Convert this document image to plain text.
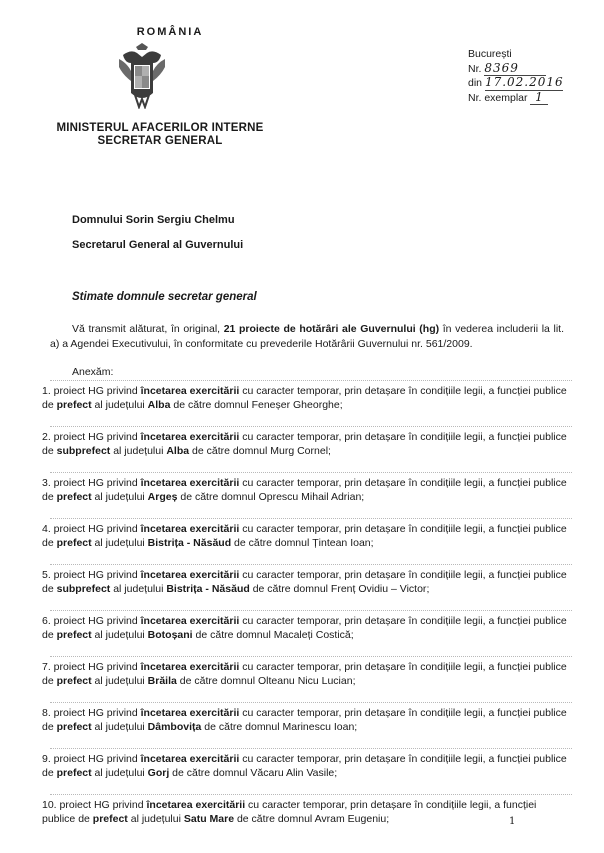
ROMÂNIA
MINISTERUL AFACERILOR INTERNE
SECRETAR GENERAL
București
Nr. 8369
din 17.02.2016
Nr. exemplar 1
Domnului Sorin Sergiu Chelmu
Secretarul General al Guvernului
Stimate domnule secretar general
Vă transmit alăturat, în original, 21 proiecte de hotărâri ale Guvernului (hg) în vederea includerii la lit. a) a Agendei Executivului, în conformitate cu prevederile Hotărârii Guvernului nr. 561/2009.
Anexăm:
1. proiect HG privind încetarea exercitării cu caracter temporar, prin detașare în condițiile legii, a funcției publice de prefect al județului Alba de către domnul Feneșer Gheorghe;
2. proiect HG privind încetarea exercitării cu caracter temporar, prin detașare în condițiile legii, a funcției publice de subprefect al județului Alba de către domnul Murg Cornel;
3. proiect HG privind încetarea exercitării cu caracter temporar, prin detașare în condițiile legii, a funcției publice de prefect al județului Argeș de către domnul Oprescu Mihail Adrian;
4. proiect HG privind încetarea exercitării cu caracter temporar, prin detașare în condițiile legii, a funcției publice de prefect al județului Bistrița - Năsăud de către domnul Țintean Ioan;
5. proiect HG privind încetarea exercitării cu caracter temporar, prin detașare în condițiile legii, a funcției publice de subprefect al județului Bistrița - Năsăud de către domnul Frenț Ovidiu – Victor;
6. proiect HG privind încetarea exercitării cu caracter temporar, prin detașare în condițiile legii, a funcției publice de prefect al județului Botoșani de către domnul Macaleți Costică;
7. proiect HG privind încetarea exercitării cu caracter temporar, prin detașare în condițiile legii, a funcției publice de prefect al județului Brăila de către domnul Olteanu Nicu Lucian;
8. proiect HG privind încetarea exercitării cu caracter temporar, prin detașare în condițiile legii, a funcției publice de prefect al județului Dâmbovița de către domnul Marinescu Ioan;
9. proiect HG privind încetarea exercitării cu caracter temporar, prin detașare în condițiile legii, a funcției publice de prefect al județului Gorj de către domnul Văcaru Alin Vasile;
10. proiect HG privind încetarea exercitării cu caracter temporar, prin detașare în condițiile legii, a funcției publice de prefect al județului Satu Mare de către domnul Avram Eugeniu;	1
